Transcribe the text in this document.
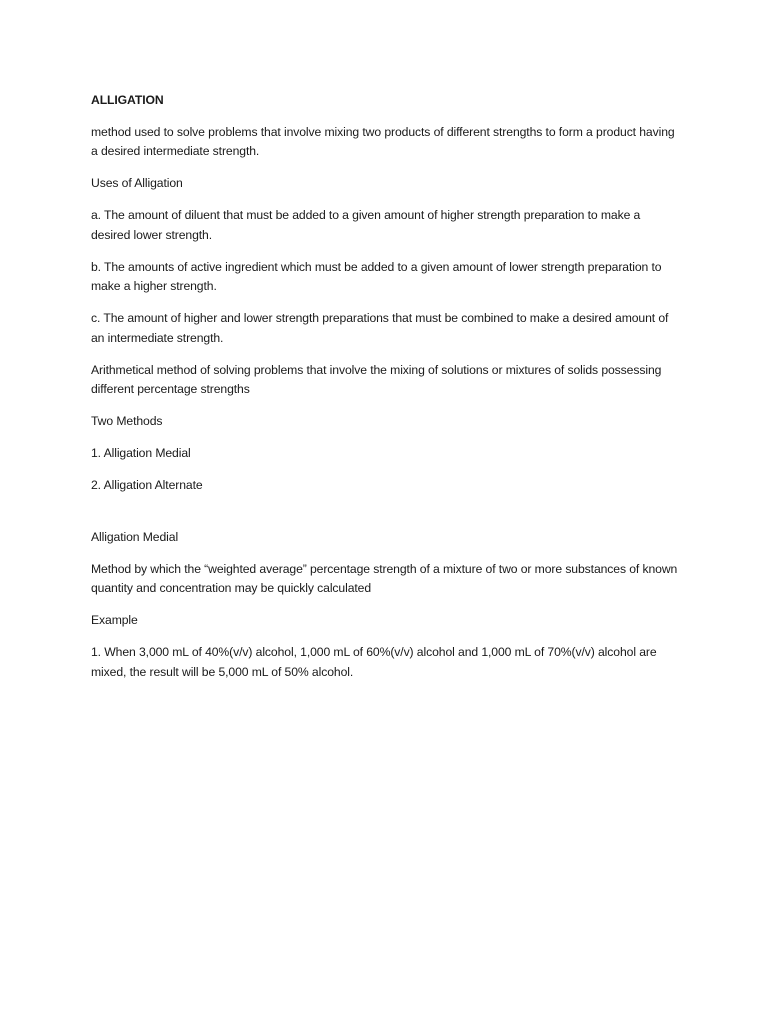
ALLIGATION

method used to solve problems that involve mixing two products of different strengths to form a product having a desired intermediate strength.

Uses of Alligation

a. The amount of diluent that must be added to a given amount of higher strength preparation to make a desired lower strength.

b. The amounts of active ingredient which must be added to a given amount of lower strength preparation to make a higher strength.

c. The amount of higher and lower strength preparations that must be combined to make a desired amount of an intermediate strength.

Arithmetical method of solving problems that involve the mixing of solutions or mixtures of solids possessing different percentage strengths

Two Methods

1. Alligation Medial

2. Alligation Alternate

Alligation Medial

Method by which the “weighted average” percentage strength of a mixture of two or more substances of known quantity and concentration may be quickly calculated

Example

1. When 3,000 mL of 40%(v/v) alcohol, 1,000 mL of 60%(v/v) alcohol and 1,000 mL of 70%(v/v) alcohol are mixed, the result will be 5,000 mL of 50% alcohol.
